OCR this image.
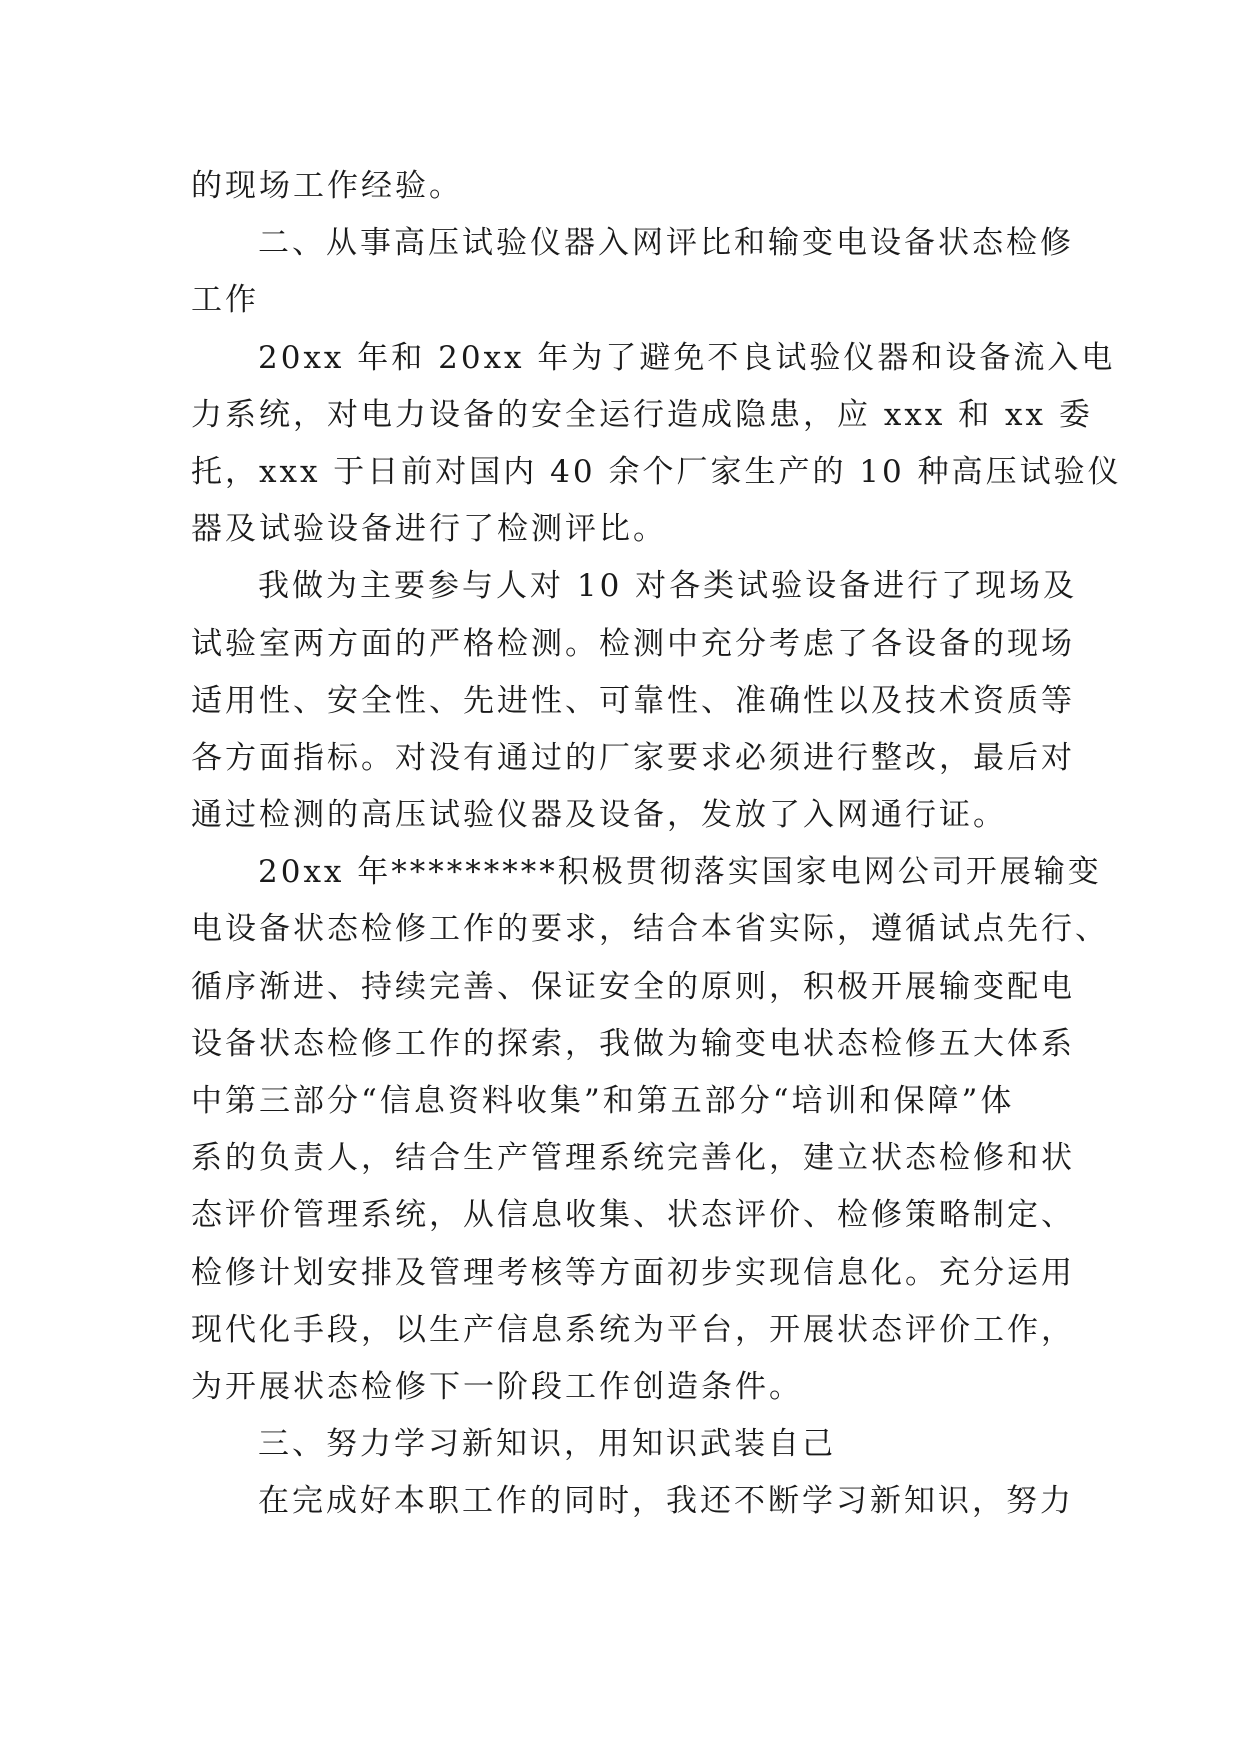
的现场工作经验。
二、从事高压试验仪器入网评比和输变电设备状态检修
工作
20xx 年和 20xx 年为了避免不良试验仪器和设备流入电
力系统，对电力设备的安全运行造成隐患，应 xxx 和 xx 委
托，xxx 于日前对国内 40 余个厂家生产的 10 种高压试验仪
器及试验设备进行了检测评比。
我做为主要参与人对 10 对各类试验设备进行了现场及
试验室两方面的严格检测。检测中充分考虑了各设备的现场
适用性、安全性、先进性、可靠性、准确性以及技术资质等
各方面指标。对没有通过的厂家要求必须进行整改，最后对
通过检测的高压试验仪器及设备，发放了入网通行证。
20xx 年*********积极贯彻落实国家电网公司开展输变
电设备状态检修工作的要求，结合本省实际，遵循试点先行、
循序渐进、持续完善、保证安全的原则，积极开展输变配电
设备状态检修工作的探索，我做为输变电状态检修五大体系
中第三部分“信息资料收集”和第五部分“培训和保障”体
系的负责人，结合生产管理系统完善化，建立状态检修和状
态评价管理系统，从信息收集、状态评价、检修策略制定、
检修计划安排及管理考核等方面初步实现信息化。充分运用
现代化手段，以生产信息系统为平台，开展状态评价工作，
为开展状态检修下一阶段工作创造条件。
三、努力学习新知识，用知识武装自己
在完成好本职工作的同时，我还不断学习新知识，努力
